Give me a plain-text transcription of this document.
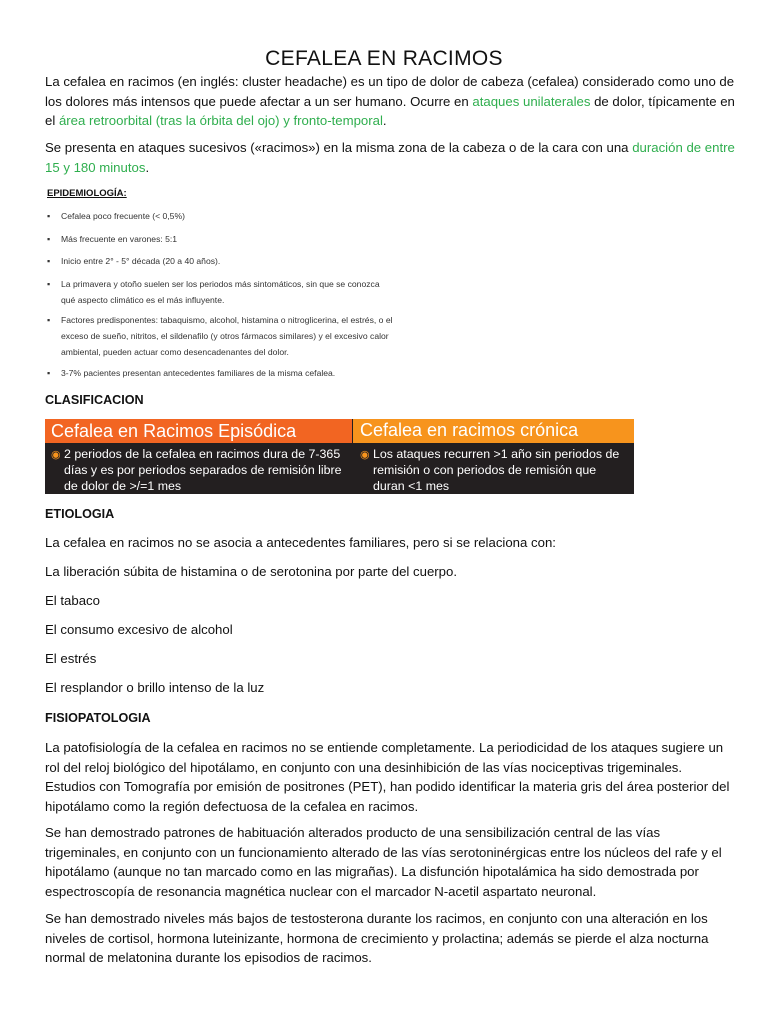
CEFALEA EN RACIMOS
La cefalea en racimos (en inglés: cluster headache) es un tipo de dolor de cabeza (cefalea) considerado como uno de los dolores más intensos que puede afectar a un ser humano. Ocurre en ataques unilaterales de dolor, típicamente en el área retroorbital (tras la órbita del ojo) y fronto-temporal.
Se presenta en ataques sucesivos («racimos») en la misma zona de la cabeza o de la cara con una duración de entre 15 y 180 minutos.
EPIDEMIOLOGÍA:
▪ Cefalea poco frecuente (< 0,5%)
▪ Más frecuente en varones: 5:1
▪ Inicio entre 2° - 5° década (20 a 40 años).
▪ La primavera y otoño suelen ser los periodos más sintomáticos, sin que se conozca qué aspecto climático es el más influyente.
▪ Factores predisponentes: tabaquismo, alcohol, histamina o nitroglicerina, el estrés, o el exceso de sueño, nitritos, el sildenafilo (y otros fármacos similares) y el excesivo calor ambiental, pueden actuar como desencadenantes del dolor.
▪ 3-7% pacientes presentan antecedentes familiares de la misma cefalea.
CLASIFICACION
Cefalea en Racimos Episódica	Cefalea en racimos crónica
◉ 2 periodos de la cefalea en racimos dura de 7-365 días y es por periodos separados de remisión libre de dolor de >/=1 mes
◉ Los ataques recurren >1 año sin periodos de remisión o con periodos de remisión que duran <1 mes
ETIOLOGIA
La cefalea en racimos no se asocia a antecedentes familiares, pero si se relaciona con:
La liberación súbita de histamina o de serotonina por parte del cuerpo.
El tabaco
El consumo excesivo de alcohol
El estrés
El resplandor o brillo intenso de la luz
FISIOPATOLOGIA
La patofisiología de la cefalea en racimos no se entiende completamente. La periodicidad de los ataques sugiere un rol del reloj biológico del hipotálamo, en conjunto con una desinhibición de las vías nociceptivas trigeminales. Estudios con Tomografía por emisión de positrones (PET), han podido identificar la materia gris del área posterior del hipotálamo como la región defectuosa de la cefalea en racimos.
Se han demostrado patrones de habituación alterados producto de una sensibilización central de las vías trigeminales, en conjunto con un funcionamiento alterado de las vías serotoninérgicas entre los núcleos del rafe y el hipotálamo (aunque no tan marcado como en las migrañas). La disfunción hipotalámica ha sido demostrada por espectroscopía de resonancia magnética nuclear con el marcador N-acetil aspartato neuronal.
Se han demostrado niveles más bajos de testosterona durante los racimos, en conjunto con una alteración en los niveles de cortisol, hormona luteinizante, hormona de crecimiento y prolactina; además se pierde el alza nocturna normal de melatonina durante los episodios de racimos.
